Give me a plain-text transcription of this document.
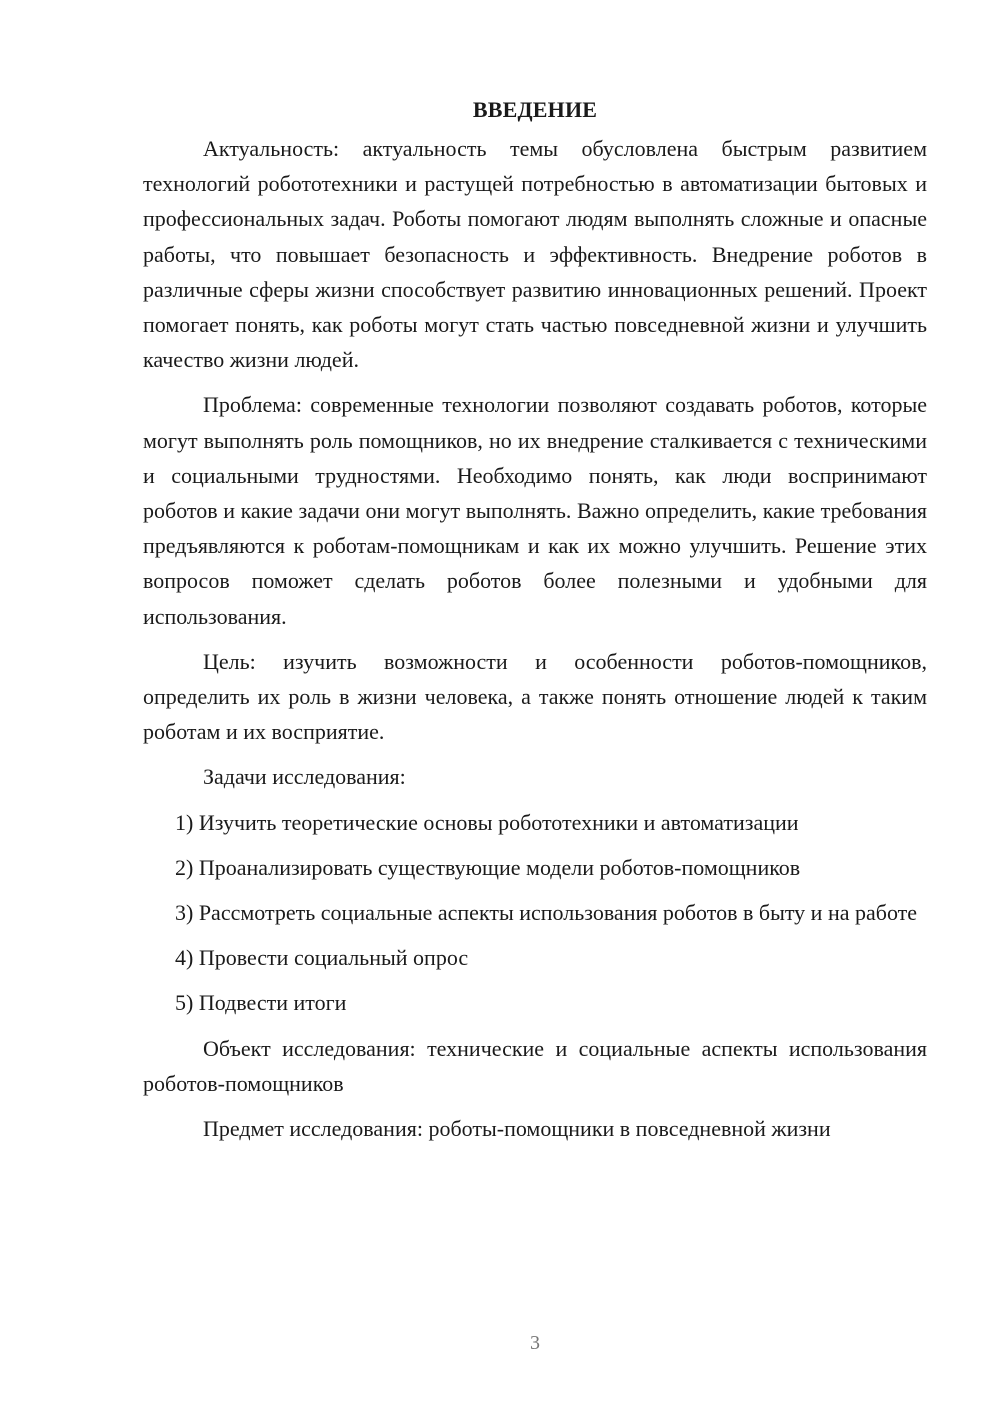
ВВЕДЕНИЕ

Актуальность: актуальность темы обусловлена быстрым развитием технологий робототехники и растущей потребностью в автоматизации бытовых и профессиональных задач. Роботы помогают людям выполнять сложные и опасные работы, что повышает безопасность и эффективность. Внедрение роботов в различные сферы жизни способствует развитию инновационных решений. Проект помогает понять, как роботы могут стать частью повседневной жизни и улучшить качество жизни людей.

Проблема: современные технологии позволяют создавать роботов, которые могут выполнять роль помощников, но их внедрение сталкивается с техническими и социальными трудностями. Необходимо понять, как люди воспринимают роботов и какие задачи они могут выполнять. Важно определить, какие требования предъявляются к роботам-помощникам и как их можно улучшить. Решение этих вопросов поможет сделать роботов более полезными и удобными для использования.

Цель: изучить возможности и особенности роботов-помощников, определить их роль в жизни человека, а также понять отношение людей к таким роботам и их восприятие.

Задачи исследования:

1) Изучить теоретические основы робототехники и автоматизации

2) Проанализировать существующие модели роботов-помощников

3) Рассмотреть социальные аспекты использования роботов в быту и на работе

4) Провести социальный опрос

5) Подвести итоги

Объект исследования: технические и социальные аспекты использования роботов-помощников

Предмет исследования: роботы-помощники в повседневной жизни

3
